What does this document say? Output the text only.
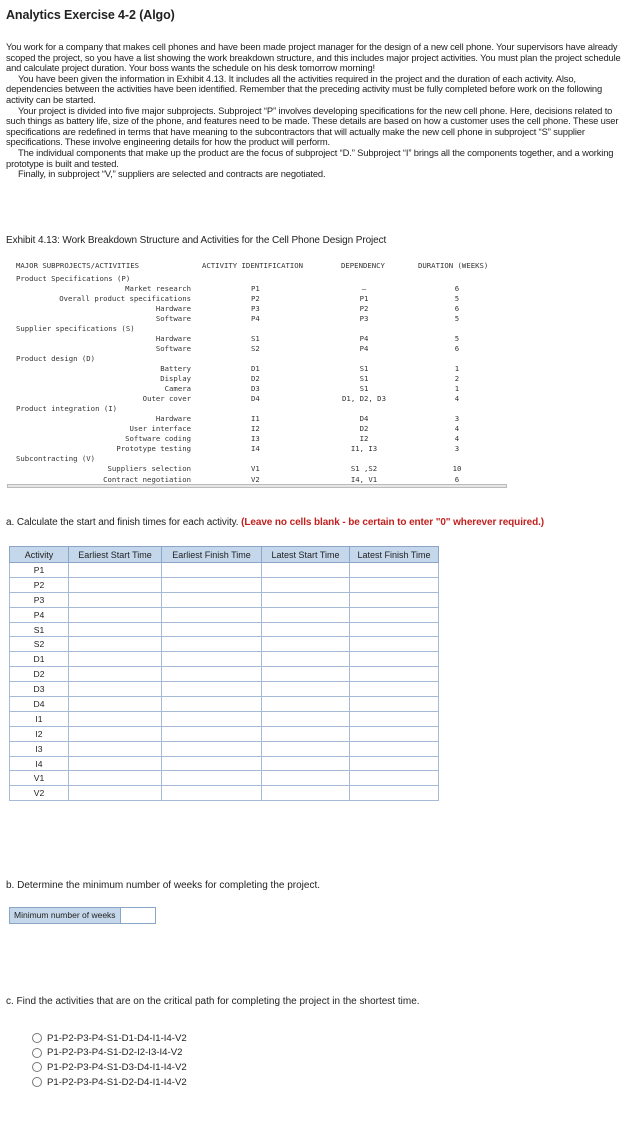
Analytics Exercise 4-2 (Algo)

You work for a company that makes cell phones and have been made project manager for the design of a new cell phone. Your supervisors have already scoped the project, so you have a list showing the work breakdown structure, and this includes major project activities. You must plan the project schedule and calculate project duration. Your boss wants the schedule on his desk tomorrow morning!

You have been given the information in Exhibit 4.13. It includes all the activities required in the project and the duration of each activity. Also, dependencies between the activities have been identified. Remember that the preceding activity must be fully completed before work on the following activity can be started.

Your project is divided into five major subprojects. Subproject “P” involves developing specifications for the new cell phone. Here, decisions related to such things as battery life, size of the phone, and features need to be made. These details are based on how a customer uses the cell phone. These user specifications are redefined in terms that have meaning to the subcontractors that will actually make the new cell phone in subproject “S” supplier specifications. These involve engineering details for how the product will perform.

The individual components that make up the product are the focus of subproject “D.” Subproject “I” brings all the components together, and a working prototype is built and tested.

Finally, in subproject “V,” suppliers are selected and contracts are negotiated.

Exhibit 4.13: Work Breakdown Structure and Activities for the Cell Phone Design Project
MAJOR SUBPROJECTS/ACTIVITIES	ACTIVITY IDENTIFICATION	DEPENDENCY	DURATION (WEEKS)
Product Specifications (P)
Market research	P1	—	6
Overall product specifications	P2	P1	5
Hardware	P3	P2	6
Software	P4	P3	5
Supplier specifications (S)
Hardware	S1	P4	5
Software	S2	P4	6
Product design (D)
Battery	D1	S1	1
Display	D2	S1	2
Camera	D3	S1	1
Outer cover	D4	D1, D2, D3	4
Product integration (I)
Hardware	I1	D4	3
User interface	I2	D2	4
Software coding	I3	I2	4
Prototype testing	I4	I1, I3	3
Subcontracting (V)
Suppliers selection	V1	S1 ,S2	10
Contract negotiation	V2	I4, V1	6
a. Calculate the start and finish times for each activity. (Leave no cells blank - be certain to enter "0" wherever required.)
Activity	Earliest Start Time	Earliest Finish Time	Latest Start Time	Latest Finish Time
P1				
P2				
P3				
P4				
S1				
S2				
D1				
D2				
D3				
D4				
I1				
I2				
I3				
I4				
V1				
V2				
b. Determine the minimum number of weeks for completing the project.
Minimum number of weeks
c. Find the activities that are on the critical path for completing the project in the shortest time.
P1-P2-P3-P4-S1-D1-D4-I1-I4-V2
P1-P2-P3-P4-S1-D2-I2-I3-I4-V2
P1-P2-P3-P4-S1-D3-D4-I1-I4-V2
P1-P2-P3-P4-S1-D2-D4-I1-I4-V2
